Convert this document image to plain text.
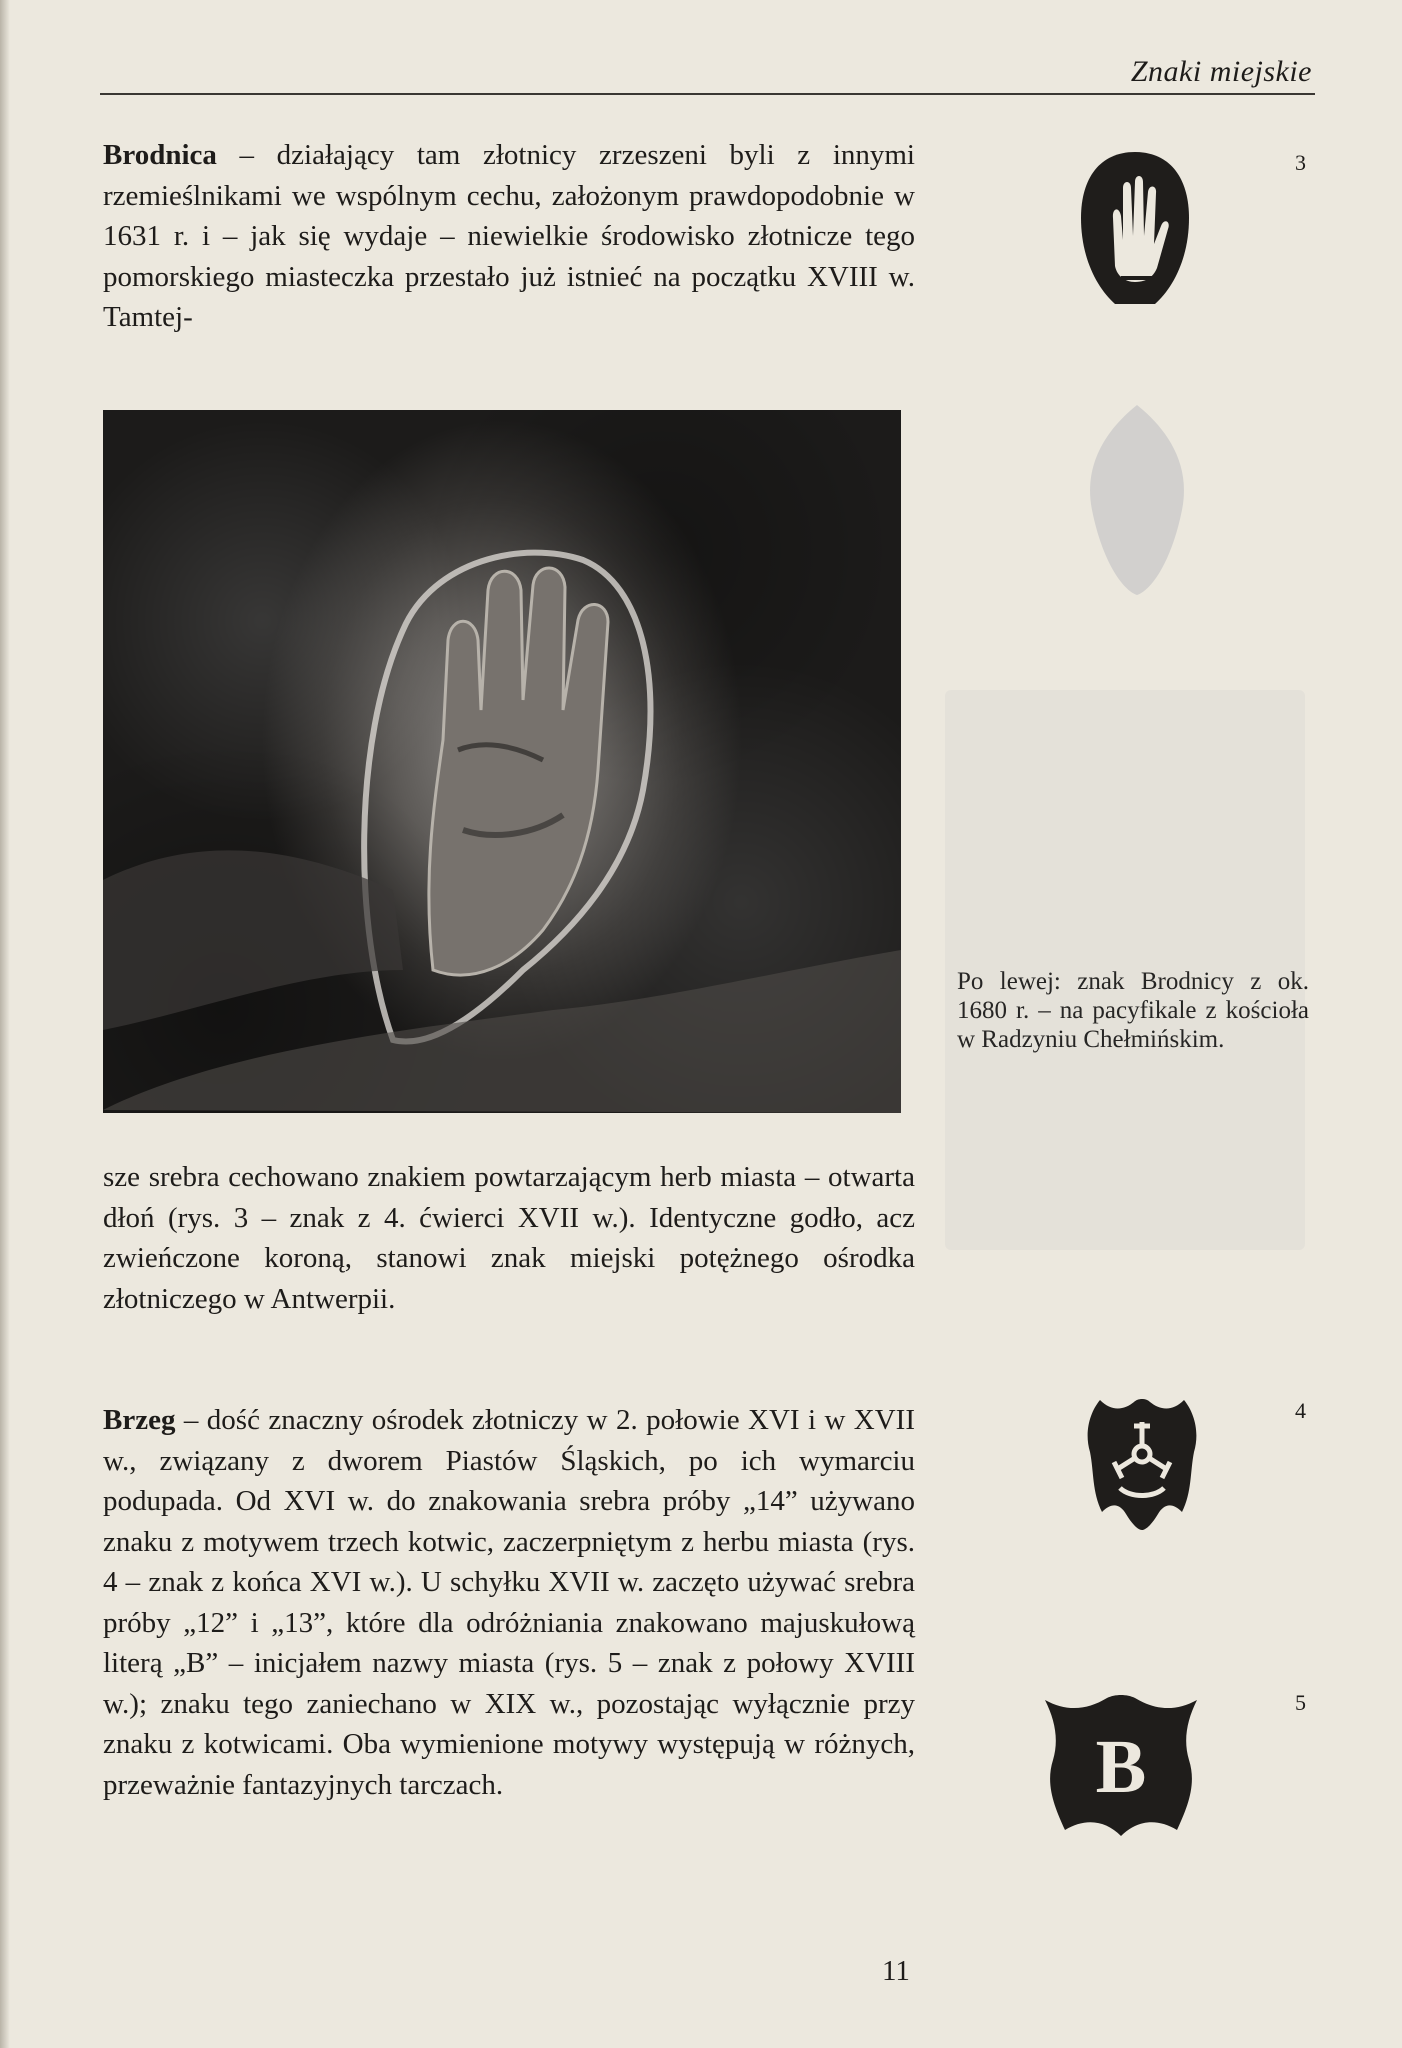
Znaki miejskie

Brodnica – działający tam złotnicy zrzeszeni byli z innymi rzemieślnikami we wspólnym cechu, założonym prawdopodobnie w 1631 r. i – jak się wydaje – niewielkie środowisko złotnicze tego pomorskiego miasteczka przestało już istnieć na początku XVIII w. Tamtej-

Po lewej: znak Brodnicy z ok. 1680 r. – na pacyfikale z kościoła w Radzyniu Chełmińskim.

sze srebra cechowano znakiem powtarzającym herb miasta – otwarta dłoń (rys. 3 – znak z 4. ćwierci XVII w.). Identyczne godło, acz zwieńczone koroną, stanowi znak miejski potężnego ośrodka złotniczego w Antwerpii.

Brzeg – dość znaczny ośrodek złotniczy w 2. połowie XVI i w XVII w., związany z dworem Piastów Śląskich, po ich wymarciu podupada. Od XVI w. do znakowania srebra próby „14” używano znaku z motywem trzech kotwic, zaczerpniętym z herbu miasta (rys. 4 – znak z końca XVI w.). U schyłku XVII w. zaczęto używać srebra próby „12” i „13”, które dla odróżniania znakowano majuskułową literą „B” – inicjałem nazwy miasta (rys. 5 – znak z połowy XVIII w.); znaku tego zaniechano w XIX w., pozostając wyłącznie przy znaku z kotwicami. Oba wymienione motywy występują w różnych, przeważnie fantazyjnych tarczach.

3
4
5
B
11
